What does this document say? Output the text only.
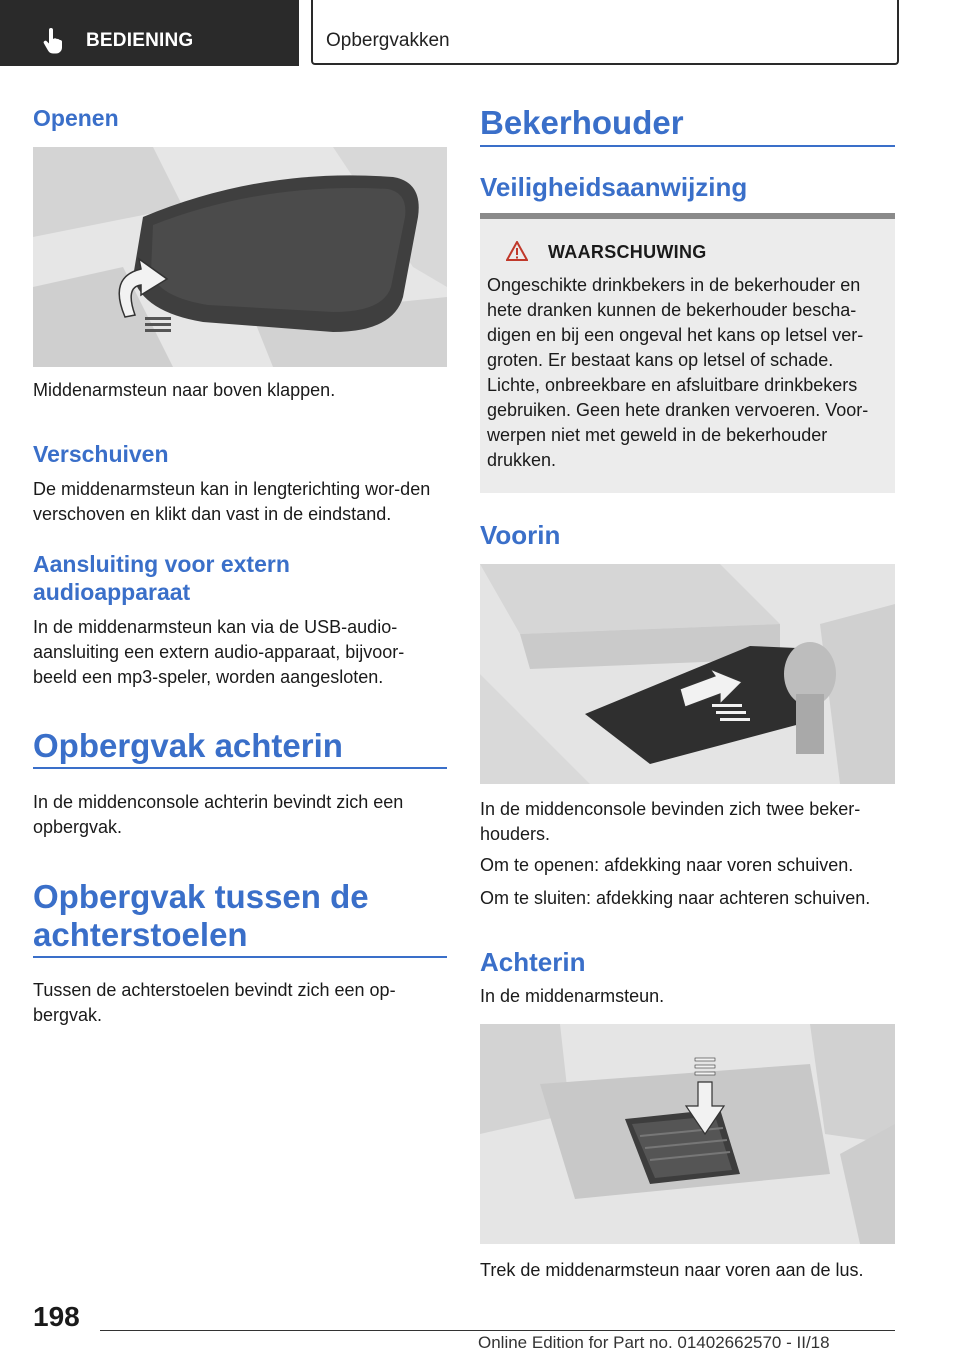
BEDIENING	Opbergvakken
Openen
Middenarmsteun naar boven klappen.
Verschuiven
De middenarmsteun kan in lengterichting wor-den verschoven en klikt dan vast in de eindstand.
Aansluiting voor extern audioapparaat
In de middenarmsteun kan via de USB-audio-aansluiting een extern audio-apparaat, bijvoor-beeld een mp3-speler, worden aangesloten.
Opbergvak achterin
In de middenconsole achterin bevindt zich een opbergvak.
Opbergvak tussen de achterstoelen
Tussen de achterstoelen bevindt zich een op-bergvak.
Bekerhouder
Veiligheidsaanwijzing
WAARSCHUWING
Ongeschikte drinkbekers in de bekerhouder en hete dranken kunnen de bekerhouder bescha-digen en bij een ongeval het kans op letsel ver-groten. Er bestaat kans op letsel of schade. Lichte, onbreekbare en afsluitbare drinkbekers gebruiken. Geen hete dranken vervoeren. Voor-werpen niet met geweld in de bekerhouder drukken.
Voorin
In de middenconsole bevinden zich twee beker-houders.
Om te openen: afdekking naar voren schuiven.
Om te sluiten: afdekking naar achteren schuiven.
Achterin
In de middenarmsteun.
Trek de middenarmsteun naar voren aan de lus.
198
Online Edition for Part no. 01402662570 - II/18
